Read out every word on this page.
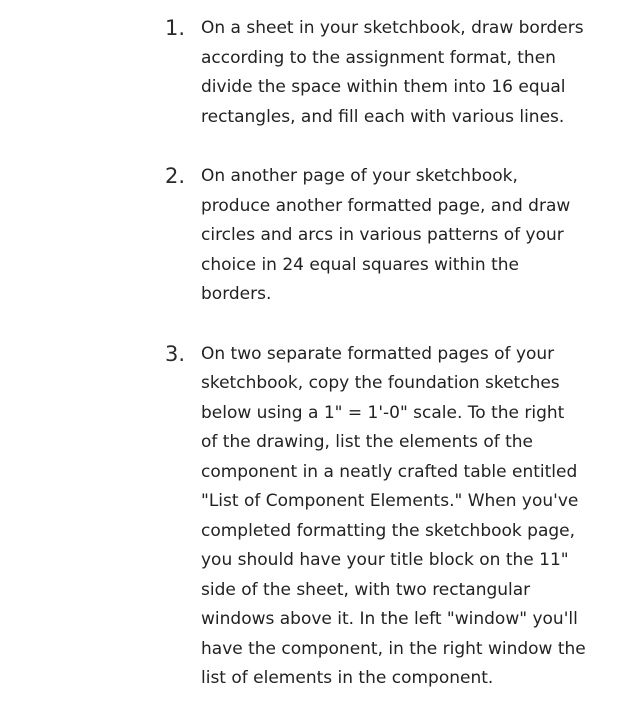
1. On a sheet in your sketchbook, draw borders
according to the assignment format, then
divide the space within them into 16 equal
rectangles, and fill each with various lines.
2. On another page of your sketchbook,
produce another formatted page, and draw
circles and arcs in various patterns of your
choice in 24 equal squares within the
borders.
3. On two separate formatted pages of your
sketchbook, copy the foundation sketches
below using a 1" = 1'-0" scale. To the right
of the drawing, list the elements of the
component in a neatly crafted table entitled
"List of Component Elements." When you've
completed formatting the sketchbook page,
you should have your title block on the 11"
side of the sheet, with two rectangular
windows above it. In the left "window" you'll
have the component, in the right window the
list of elements in the component.
